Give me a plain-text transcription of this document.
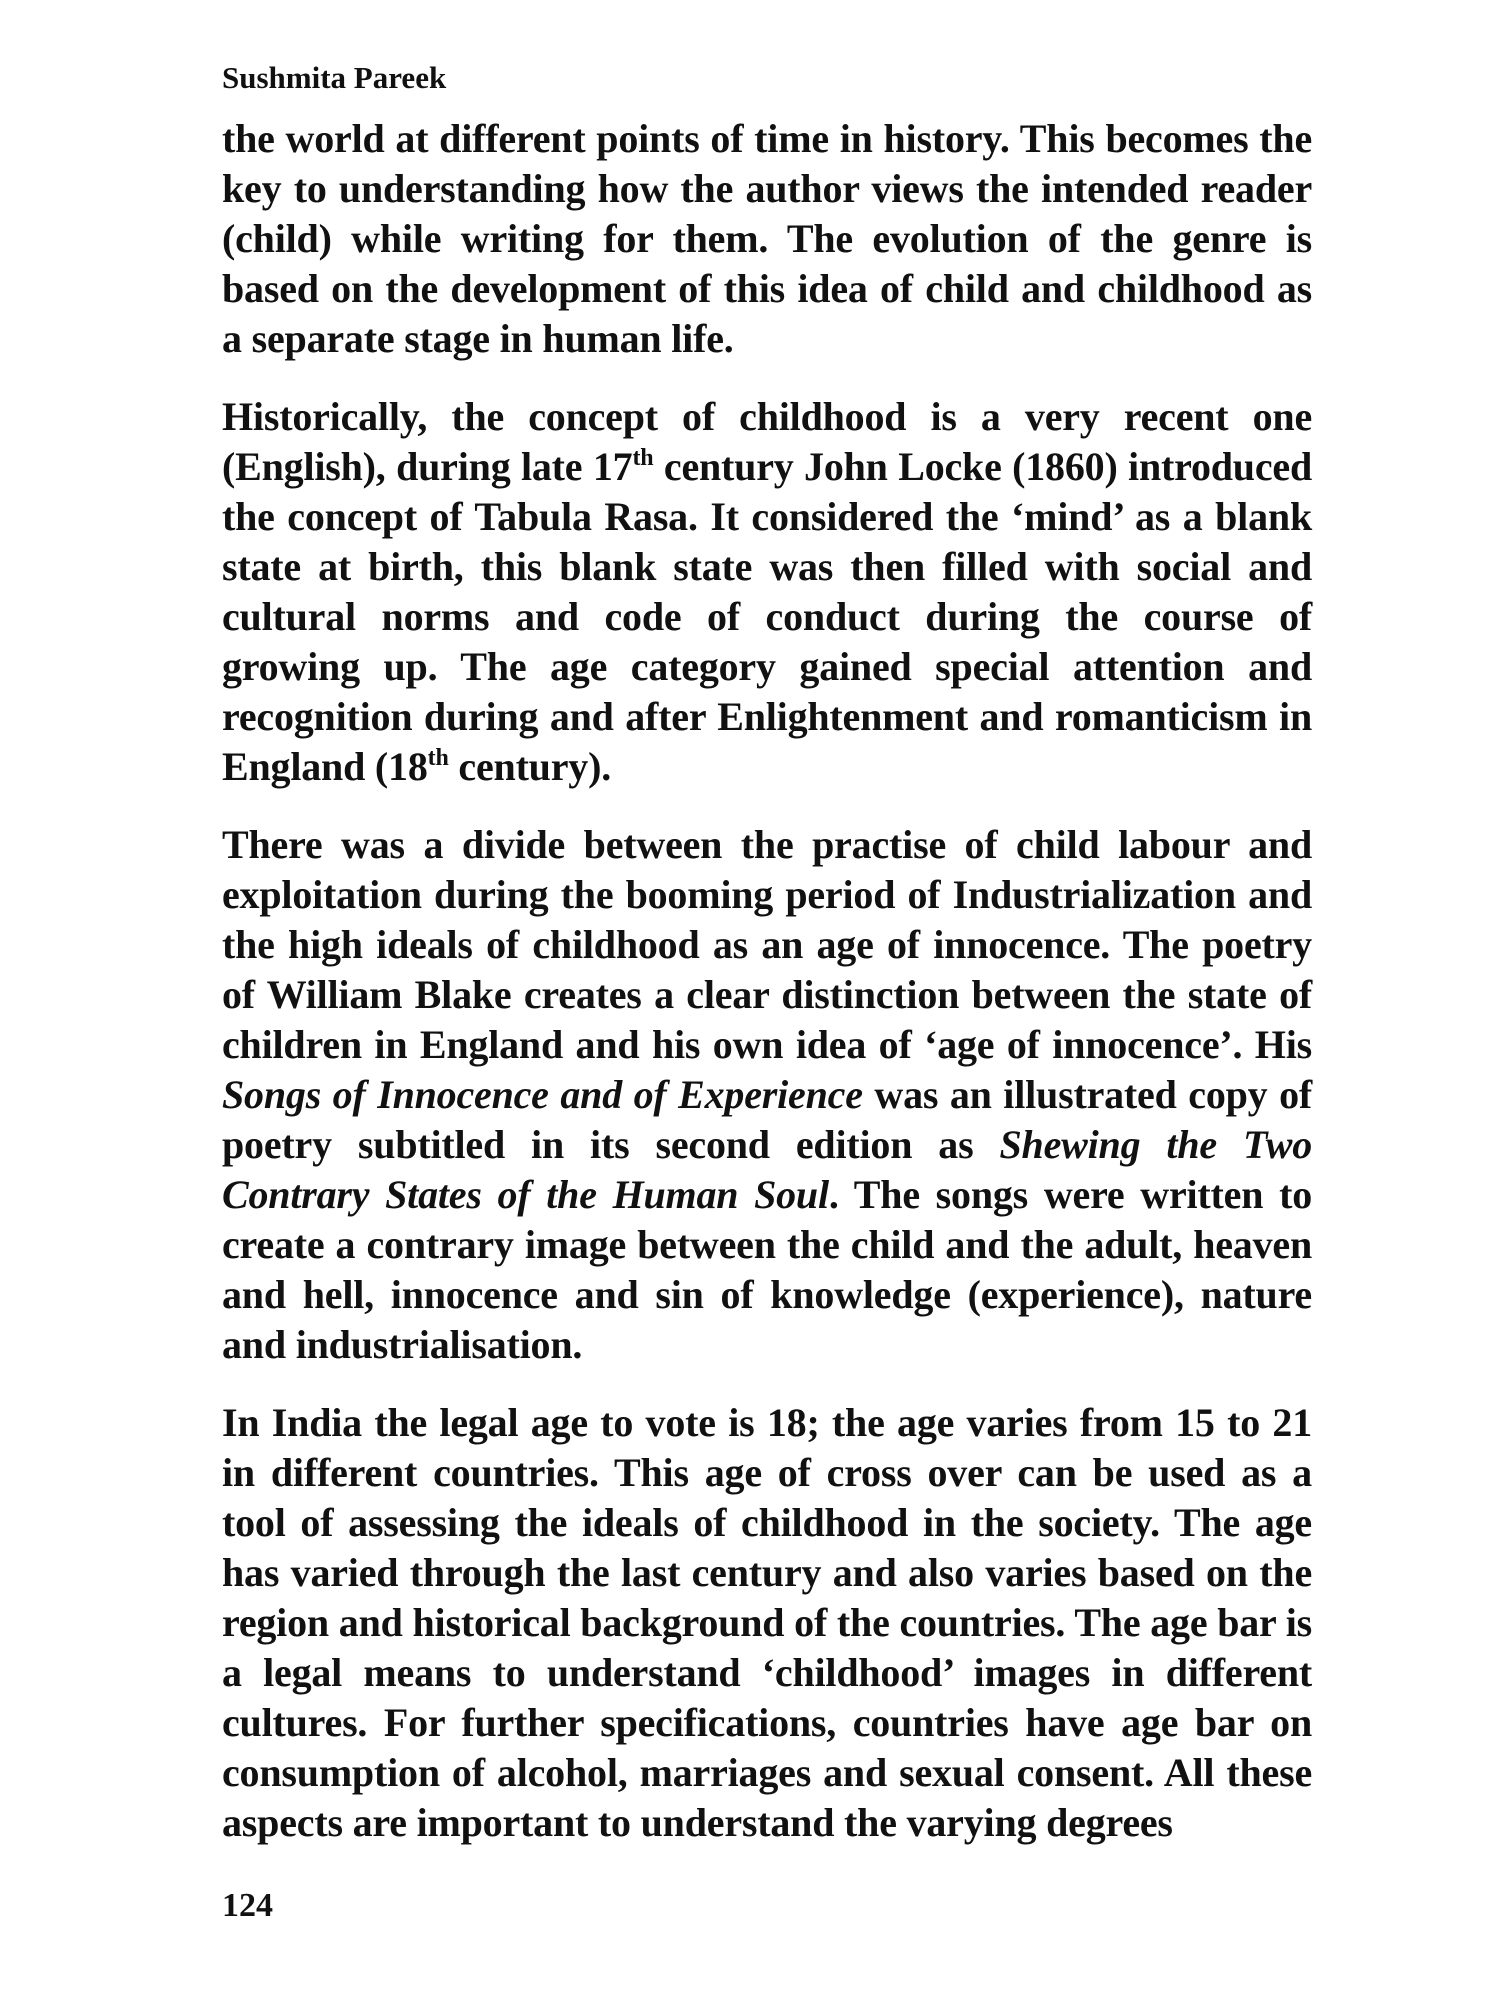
Sushmita Pareek

the world at different points of time in history. This becomes the key to understanding how the author views the intended reader (child) while writing for them. The evolution of the genre is based on the development of this idea of child and childhood as a separate stage in human life.

Historically, the concept of childhood is a very recent one (English), during late 17th century John Locke (1860) introduced the concept of Tabula Rasa. It considered the ‘mind’ as a blank state at birth, this blank state was then filled with social and cultural norms and code of conduct during the course of growing up. The age category gained special attention and recognition during and after Enlightenment and romanticism in England (18th century).

There was a divide between the practise of child labour and exploitation during the booming period of Industrialization and the high ideals of childhood as an age of innocence. The poetry of William Blake creates a clear distinction between the state of children in England and his own idea of ‘age of innocence’. His Songs of Innocence and of Experience was an illustrated copy of poetry subtitled in its second edition as Shewing the Two Contrary States of the Human Soul. The songs were written to create a contrary image between the child and the adult, heaven and hell, innocence and sin of knowledge (experience), nature and industrialisation.

In India the legal age to vote is 18; the age varies from 15 to 21 in different countries. This age of cross over can be used as a tool of assessing the ideals of childhood in the society. The age has varied through the last century and also varies based on the region and historical background of the countries. The age bar is a legal means to understand ‘childhood’ images in different cultures. For further specifications, countries have age bar on consumption of alcohol, marriages and sexual consent. All these aspects are important to understand the varying degrees

124
